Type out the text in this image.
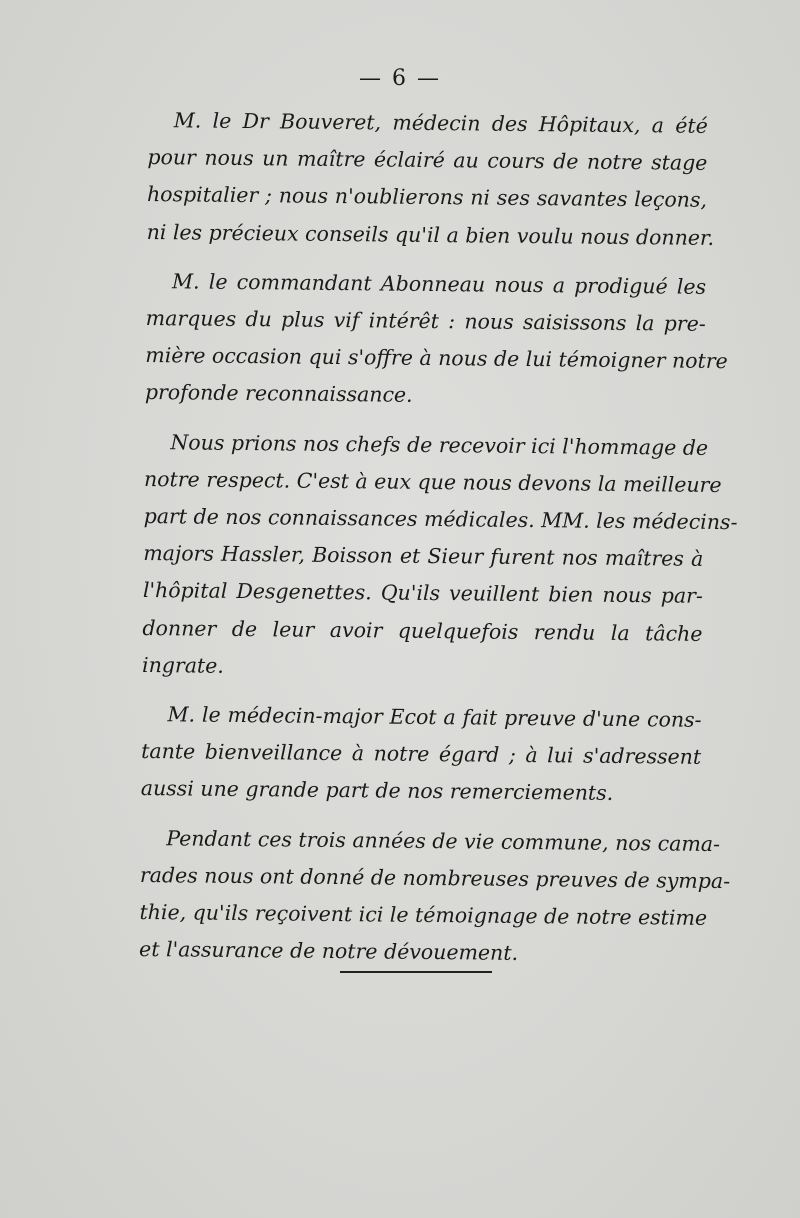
— 6 —
M. le Dr Bouveret, médecin des Hôpitaux, a été
pour nous un maître éclairé au cours de notre stage
hospitalier ; nous n'oublierons ni ses savantes leçons,
ni les précieux conseils qu'il a bien voulu nous donner.
M. le commandant Abonneau nous a prodigué les
marques du plus vif intérêt : nous saisissons la pre-
mière occasion qui s'offre à nous de lui témoigner notre
profonde reconnaissance.
Nous prions nos chefs de recevoir ici l'hommage de
notre respect. C'est à eux que nous devons la meilleure
part de nos connaissances médicales. MM. les médecins-
majors Hassler, Boisson et Sieur furent nos maîtres à
l'hôpital Desgenettes. Qu'ils veuillent bien nous par-
donner de leur avoir quelquefois rendu la tâche
ingrate.
M. le médecin-major Ecot a fait preuve d'une cons-
tante bienveillance à notre égard ; à lui s'adressent
aussi une grande part de nos remerciements.
Pendant ces trois années de vie commune, nos cama-
rades nous ont donné de nombreuses preuves de sympa-
thie, qu'ils reçoivent ici le témoignage de notre estime
et l'assurance de notre dévouement.
